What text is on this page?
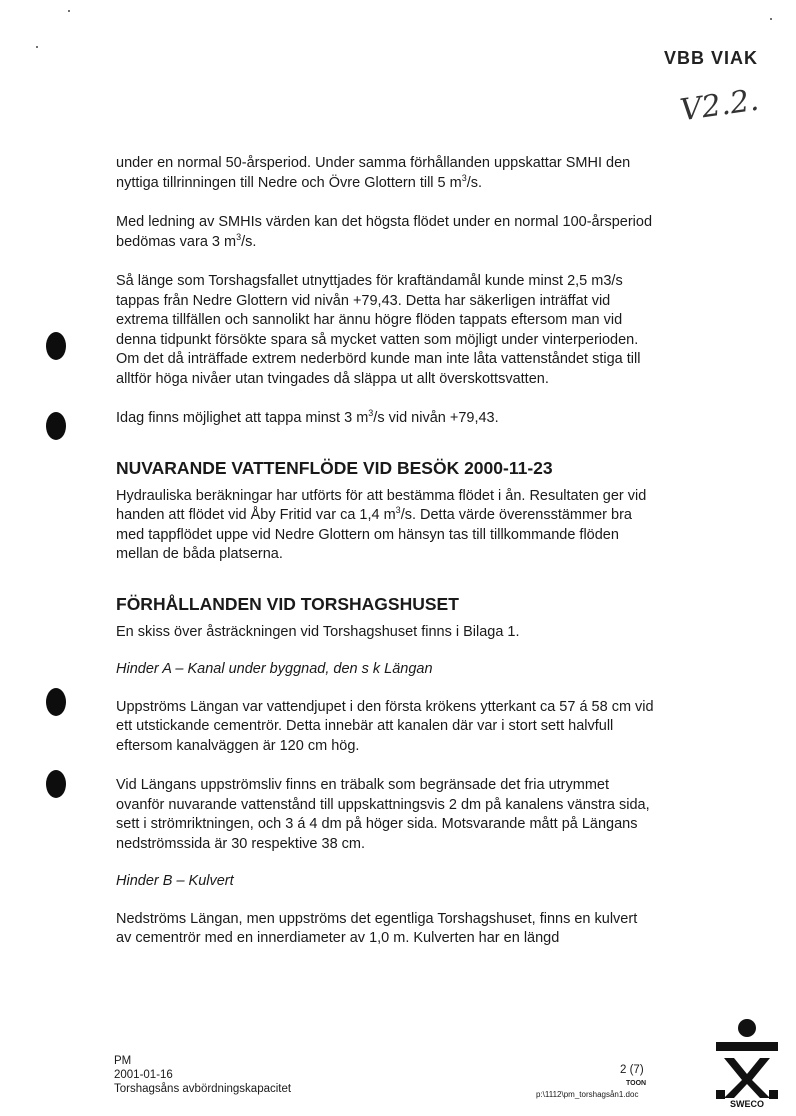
VBB VIAK
V2.2.

under en normal 50-årsperiod. Under samma förhållanden uppskattar SMHI den nyttiga tillrinningen till Nedre och Övre Glottern till 5 $m^3/s$.

Med ledning av SMHIs värden kan det högsta flödet under en normal 100-årsperiod bedömas vara 3 $m^3/s$.

Så länge som Torshagsfallet utnyttjades för kraftändamål kunde minst 2,5 m3/s tappas från Nedre Glottern vid nivån +79,43. Detta har säkerligen inträffat vid extrema tillfällen och sannolikt har ännu högre flöden tappats eftersom man vid denna tidpunkt försökte spara så mycket vatten som möjligt under vinterperioden. Om det då inträffade extrem nederbörd kunde man inte låta vattenståndet stiga till alltför höga nivåer utan tvingades då släppa ut allt överskottsvatten.

Idag finns möjlighet att tappa minst 3 $m^3/s$ vid nivån +79,43.

NUVARANDE VATTENFLÖDE VID BESÖK 2000-11-23

Hydrauliska beräkningar har utförts för att bestämma flödet i ån. Resultaten ger vid handen att flödet vid Åby Fritid var ca 1,4 $m^3/s$. Detta värde överensstämmer bra med tappflödet uppe vid Nedre Glottern om hänsyn tas till tillkommande flöden mellan de båda platserna.

FÖRHÅLLANDEN VID TORSHAGSHUSET

En skiss över åsträckningen vid Torshagshuset finns i Bilaga 1.

Hinder A – Kanal under byggnad, den s k Längan

Uppströms Längan var vattendjupet i den första krökens ytterkant ca 57 á 58 cm vid ett utstickande cementrör. Detta innebär att kanalen där var i stort sett halvfull eftersom kanalväggen är 120 cm hög.

Vid Längans uppströmsliv finns en träbalk som begränsade det fria utrymmet ovanför nuvarande vattenstånd till uppskattningsvis 2 dm på kanalens vänstra sida, sett i strömriktningen, och 3 á 4 dm på höger sida. Motsvarande mått på Längans nedströmssida är 30 respektive 38 cm.

Hinder B – Kulvert

Nedströms Längan, men uppströms det egentliga Torshagshuset, finns en kulvert av cementrör med en innerdiameter av 1,0 m. Kulverten har en längd

PM
2001-01-16
Torshagsåns avbördningskapacitet
2 (7)
TOON
p:\1112\pm_torshagsån1.doc
SWECO
